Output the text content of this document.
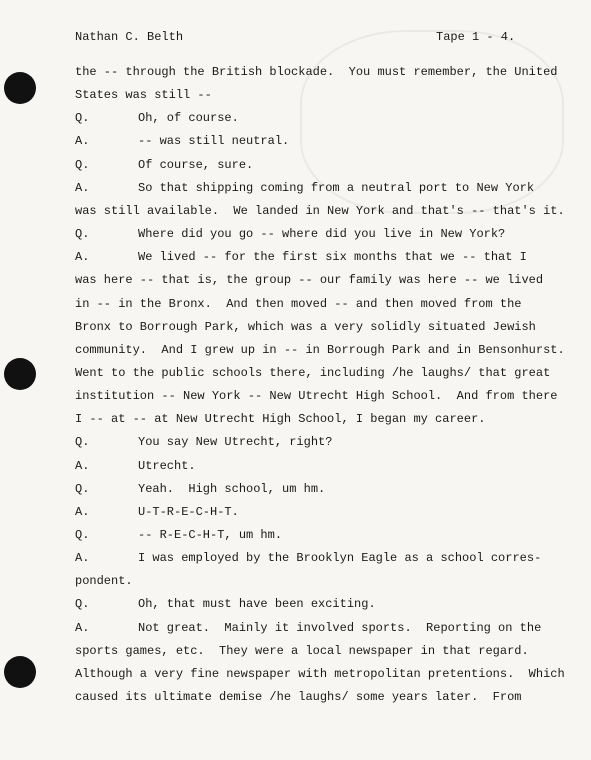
Nathan C. Belth	Tape 1 - 4.
the -- through the British blockade.  You must remember, the United
States was still --
Q.	Oh, of course.
A.	-- was still neutral.
Q.	Of course, sure.
A.	So that shipping coming from a neutral port to New York
was still available.  We landed in New York and that's -- that's it.
Q.	Where did you go -- where did you live in New York?
A.	We lived -- for the first six months that we -- that I
was here -- that is, the group -- our family was here -- we lived
in -- in the Bronx.  And then moved -- and then moved from the
Bronx to Borrough Park, which was a very solidly situated Jewish
community.  And I grew up in -- in Borrough Park and in Bensonhurst.
Went to the public schools there, including /he laughs/ that great
institution -- New York -- New Utrecht High School.  And from there
I -- at -- at New Utrecht High School, I began my career.
Q.	You say New Utrecht, right?
A.	Utrecht.
Q.	Yeah.  High school, um hm.
A.	U-T-R-E-C-H-T.
Q.	-- R-E-C-H-T, um hm.
A.	I was employed by the Brooklyn Eagle as a school corres-
pondent.
Q.	Oh, that must have been exciting.
A.	Not great.  Mainly it involved sports.  Reporting on the
sports games, etc.  They were a local newspaper in that regard.
Although a very fine newspaper with metropolitan pretentions.  Which
caused its ultimate demise /he laughs/ some years later.  From
